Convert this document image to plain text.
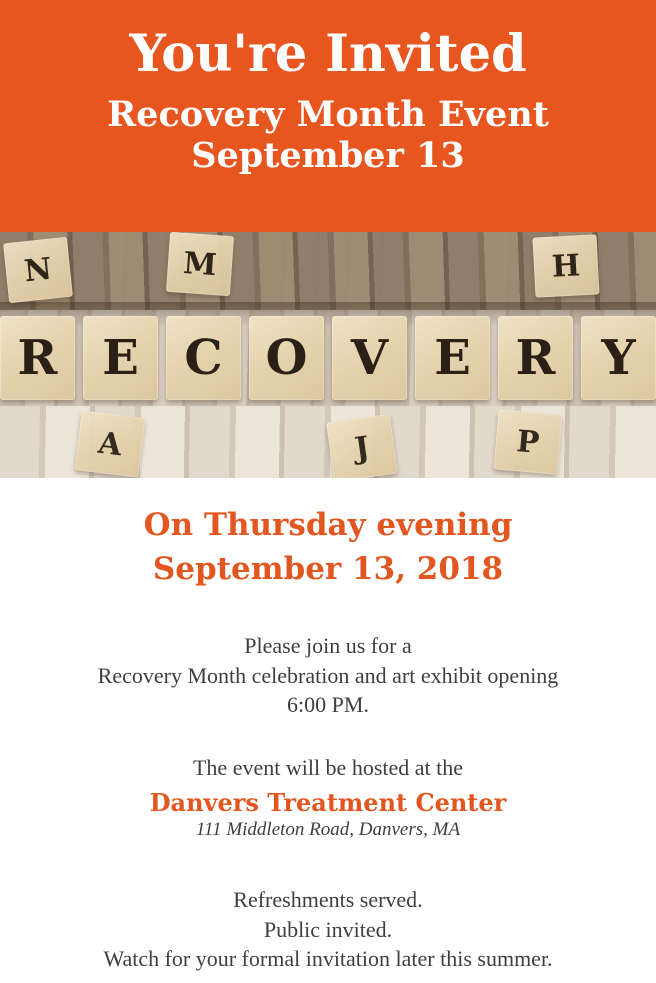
You're Invited
Recovery Month Event
September 13
N	M	H
R E C O V E R Y
A	J	P
On Thursday evening
September 13, 2018

Please join us for a

Recovery Month celebration and art exhibit opening

6:00 PM.

The event will be hosted at the

Danvers Treatment Center

111 Middleton Road, Danvers, MA

Refreshments served.

Public invited.

Watch for your formal invitation later this summer.
